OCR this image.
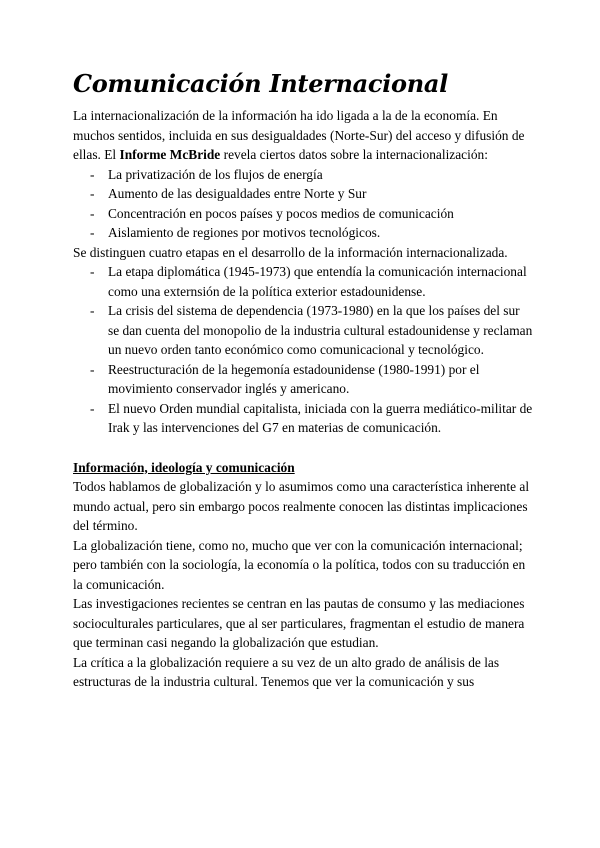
Comunicación Internacional

La internacionalización de la información ha ido ligada a la de la economía. En muchos sentidos, incluida en sus desigualdades (Norte-Sur) del acceso y difusión de ellas. El Informe McBride revela ciertos datos sobre la internacionalización:

- La privatización de los flujos de energía
- Aumento de las desigualdades entre Norte y Sur
- Concentración en pocos países y pocos medios de comunicación
- Aislamiento de regiones por motivos tecnológicos.

Se distinguen cuatro etapas en el desarrollo de la información internacionalizada.

- La etapa diplomática (1945-1973) que entendía la comunicación internacional como una externsión de la política exterior estadounidense.
- La crisis del sistema de dependencia (1973-1980) en la que los países del sur se dan cuenta del monopolio de la industria cultural estadounidense y reclaman un nuevo orden tanto económico como comunicacional y tecnológico.
- Reestructuración de la hegemonía estadounidense (1980-1991) por el movimiento conservador inglés y americano.
- El nuevo Orden mundial capitalista, iniciada con la guerra mediático-militar de Irak y las intervenciones del G7 en materias de comunicación.
Información, ideología y comunicación

Todos hablamos de globalización y lo asumimos como una característica inherente al mundo actual, pero sin embargo pocos realmente conocen las distintas implicaciones del término.

La globalización tiene, como no, mucho que ver con la comunicación internacional; pero también con la sociología, la economía o la política, todos con su traducción en la comunicación.

Las investigaciones recientes se centran en las pautas de consumo y las mediaciones socioculturales particulares, que al ser particulares, fragmentan el estudio de manera que terminan casi negando la globalización que estudian.

La crítica a la globalización requiere a su vez de un alto grado de análisis de las estructuras de la industria cultural. Tenemos que ver la comunicación y sus
